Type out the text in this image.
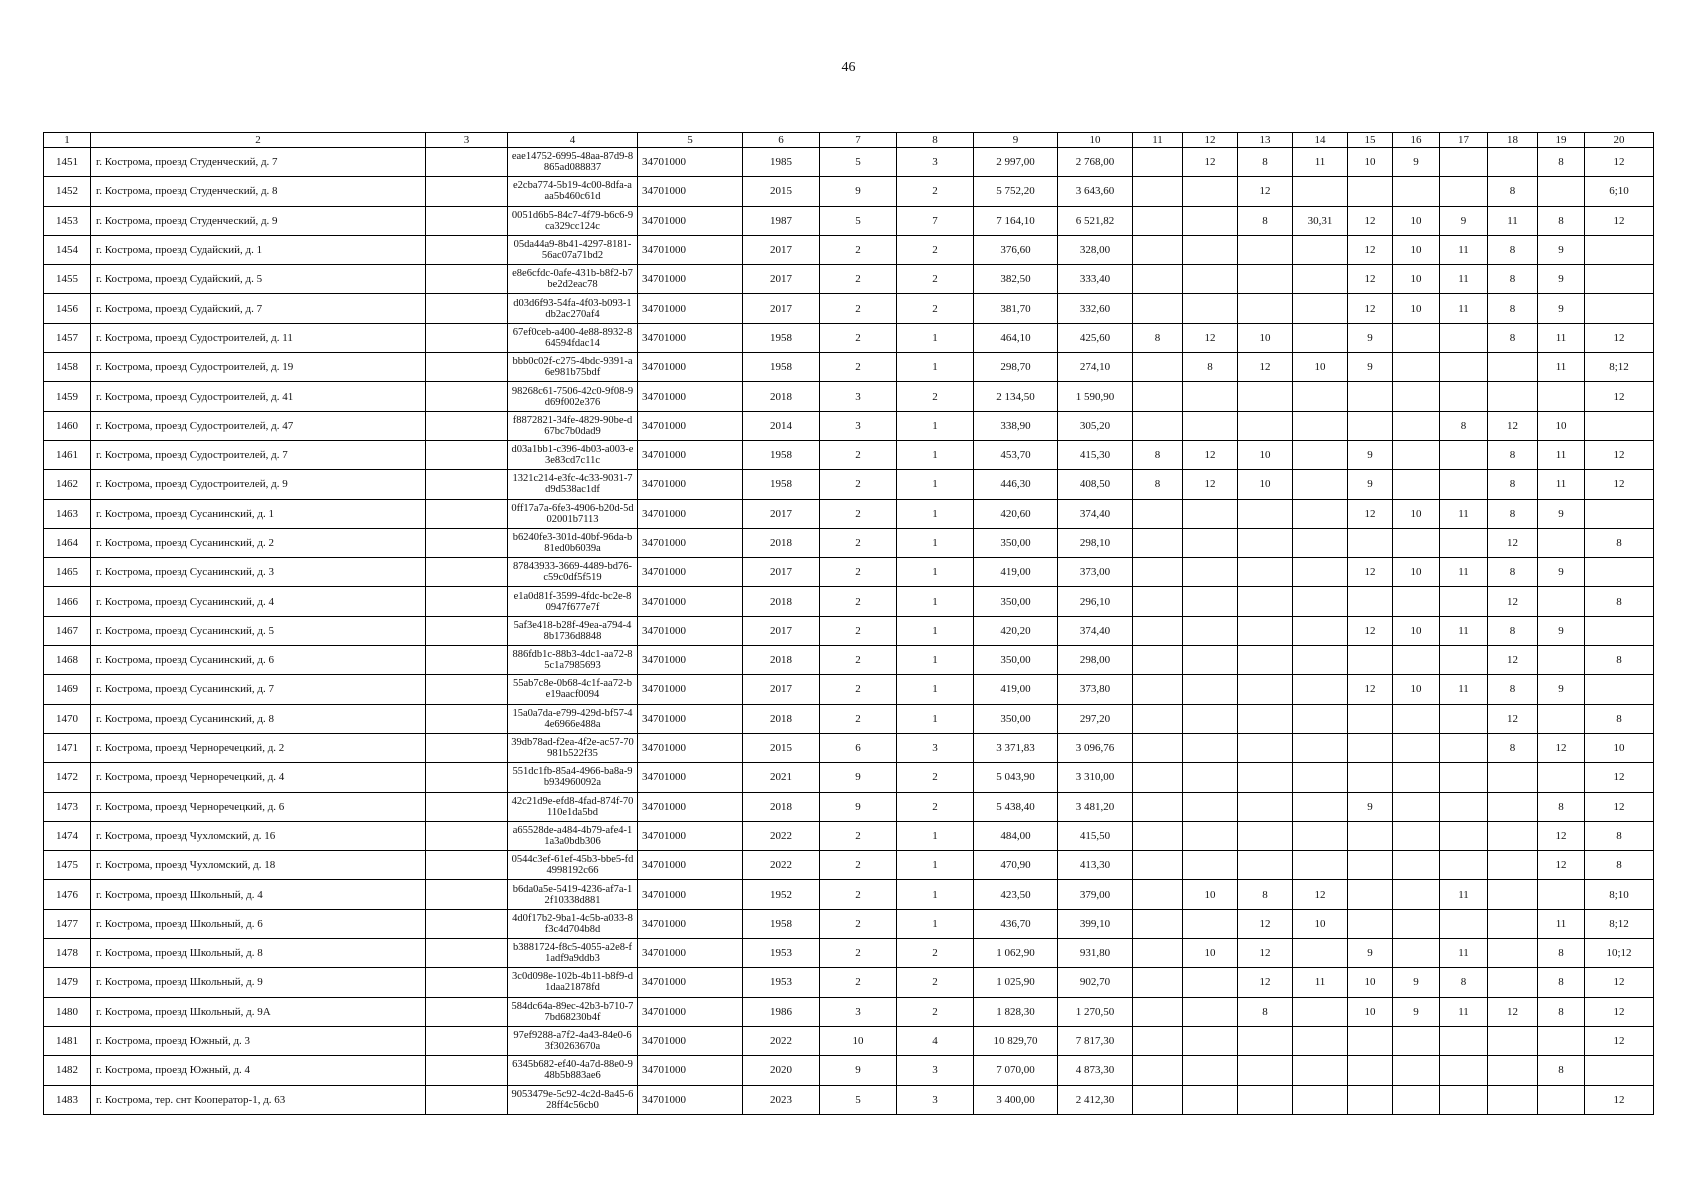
46
1	2	3	4	5	6	7	8	9	10	11	12	13	14	15	16	17	18	19	20
1451	г. Кострома, проезд Студенческий, д. 7		eae14752-6995-48aa-87d9-8865ad088837	34701000	1985	5	3	2 997,00	2 768,00		12	8	11	10	9			8	12
1452	г. Кострома, проезд Студенческий, д. 8		e2cba774-5b19-4c00-8dfa-aaa5b460c61d	34701000	2015	9	2	5 752,20	3 643,60			12					8		6;10
1453	г. Кострома, проезд Студенческий, д. 9		0051d6b5-84c7-4f79-b6c6-9ca329cc124c	34701000	1987	5	7	7 164,10	6 521,82			8	30,31	12	10	9	11	8	12
1454	г. Кострома, проезд Судайский, д. 1		05da44a9-8b41-4297-8181-56ac07a71bd2	34701000	2017	2	2	376,60	328,00					12	10	11	8	9	
1455	г. Кострома, проезд Судайский, д. 5		e8e6cfdc-0afe-431b-b8f2-b7be2d2eac78	34701000	2017	2	2	382,50	333,40					12	10	11	8	9	
1456	г. Кострома, проезд Судайский, д. 7		d03d6f93-54fa-4f03-b093-1db2ac270af4	34701000	2017	2	2	381,70	332,60					12	10	11	8	9	
1457	г. Кострома, проезд Судостроителей, д. 11		67ef0ceb-a400-4e88-8932-864594fdac14	34701000	1958	2	1	464,10	425,60	8	12	10		9			8	11	12
1458	г. Кострома, проезд Судостроителей, д. 19		bbb0c02f-c275-4bdc-9391-a6e981b75bdf	34701000	1958	2	1	298,70	274,10		8	12	10	9				11	8;12
1459	г. Кострома, проезд Судостроителей, д. 41		98268c61-7506-42c0-9f08-9d69f002e376	34701000	2018	3	2	2 134,50	1 590,90										12
1460	г. Кострома, проезд Судостроителей, д. 47		f8872821-34fe-4829-90be-d67bc7b0dad9	34701000	2014	3	1	338,90	305,20							8	12	10	
1461	г. Кострома, проезд Судостроителей, д. 7		d03a1bb1-c396-4b03-a003-e3e83cd7c11c	34701000	1958	2	1	453,70	415,30	8	12	10		9			8	11	12
1462	г. Кострома, проезд Судостроителей, д. 9		1321c214-e3fc-4c33-9031-7d9d538ac1df	34701000	1958	2	1	446,30	408,50	8	12	10		9			8	11	12
1463	г. Кострома, проезд Сусанинский, д. 1		0ff17a7a-6fe3-4906-b20d-5d02001b7113	34701000	2017	2	1	420,60	374,40					12	10	11	8	9	
1464	г. Кострома, проезд Сусанинский, д. 2		b6240fe3-301d-40bf-96da-b81ed0b6039a	34701000	2018	2	1	350,00	298,10								12		8
1465	г. Кострома, проезд Сусанинский, д. 3		87843933-3669-4489-bd76-c59c0df5f519	34701000	2017	2	1	419,00	373,00					12	10	11	8	9	
1466	г. Кострома, проезд Сусанинский, д. 4		e1a0d81f-3599-4fdc-bc2e-80947f677e7f	34701000	2018	2	1	350,00	296,10								12		8
1467	г. Кострома, проезд Сусанинский, д. 5		5af3e418-b28f-49ea-a794-48b1736d8848	34701000	2017	2	1	420,20	374,40					12	10	11	8	9	
1468	г. Кострома, проезд Сусанинский, д. 6		886fdb1c-88b3-4dc1-aa72-85c1a7985693	34701000	2018	2	1	350,00	298,00								12		8
1469	г. Кострома, проезд Сусанинский, д. 7		55ab7c8e-0b68-4c1f-aa72-be19aacf0094	34701000	2017	2	1	419,00	373,80					12	10	11	8	9	
1470	г. Кострома, проезд Сусанинский, д. 8		15a0a7da-e799-429d-bf57-44e6966e488a	34701000	2018	2	1	350,00	297,20								12		8
1471	г. Кострома, проезд Черноречецкий, д. 2		39db78ad-f2ea-4f2e-ac57-70981b522f35	34701000	2015	6	3	3 371,83	3 096,76								8	12	10
1472	г. Кострома, проезд Черноречецкий, д. 4		551dc1fb-85a4-4966-ba8a-9b934960092a	34701000	2021	9	2	5 043,90	3 310,00										12
1473	г. Кострома, проезд Черноречецкий, д. 6		42c21d9e-efd8-4fad-874f-70110e1da5bd	34701000	2018	9	2	5 438,40	3 481,20					9				8	12
1474	г. Кострома, проезд Чухломский, д. 16		a65528de-a484-4b79-afe4-11a3a0bdb306	34701000	2022	2	1	484,00	415,50									12	8
1475	г. Кострома, проезд Чухломский, д. 18		0544c3ef-61ef-45b3-bbe5-fd4998192c66	34701000	2022	2	1	470,90	413,30									12	8
1476	г. Кострома, проезд Школьный, д. 4		b6da0a5e-5419-4236-af7a-12f10338d881	34701000	1952	2	1	423,50	379,00		10	8	12			11			8;10
1477	г. Кострома, проезд Школьный, д. 6		4d0f17b2-9ba1-4c5b-a033-8f3c4d704b8d	34701000	1958	2	1	436,70	399,10			12	10					11	8;12
1478	г. Кострома, проезд Школьный, д. 8		b3881724-f8c5-4055-a2e8-f1adf9a9ddb3	34701000	1953	2	2	1 062,90	931,80		10	12		9		11		8	10;12
1479	г. Кострома, проезд Школьный, д. 9		3c0d098e-102b-4b11-b8f9-d1daa21878fd	34701000	1953	2	2	1 025,90	902,70			12	11	10	9	8		8	12
1480	г. Кострома, проезд Школьный, д. 9А		584dc64a-89ec-42b3-b710-77bd68230b4f	34701000	1986	3	2	1 828,30	1 270,50			8		10	9	11	12	8	12
1481	г. Кострома, проезд Южный, д. 3		97ef9288-a7f2-4a43-84e0-63f30263670a	34701000	2022	10	4	10 829,70	7 817,30										12
1482	г. Кострома, проезд Южный, д. 4		6345b682-ef40-4a7d-88e0-948b5b883ae6	34701000	2020	9	3	7 070,00	4 873,30									8	
1483	г. Кострома, тер. снт Кооператор-1, д. 63		9053479e-5c92-4c2d-8a45-628ff4c56cb0	34701000	2023	5	3	3 400,00	2 412,30										12
